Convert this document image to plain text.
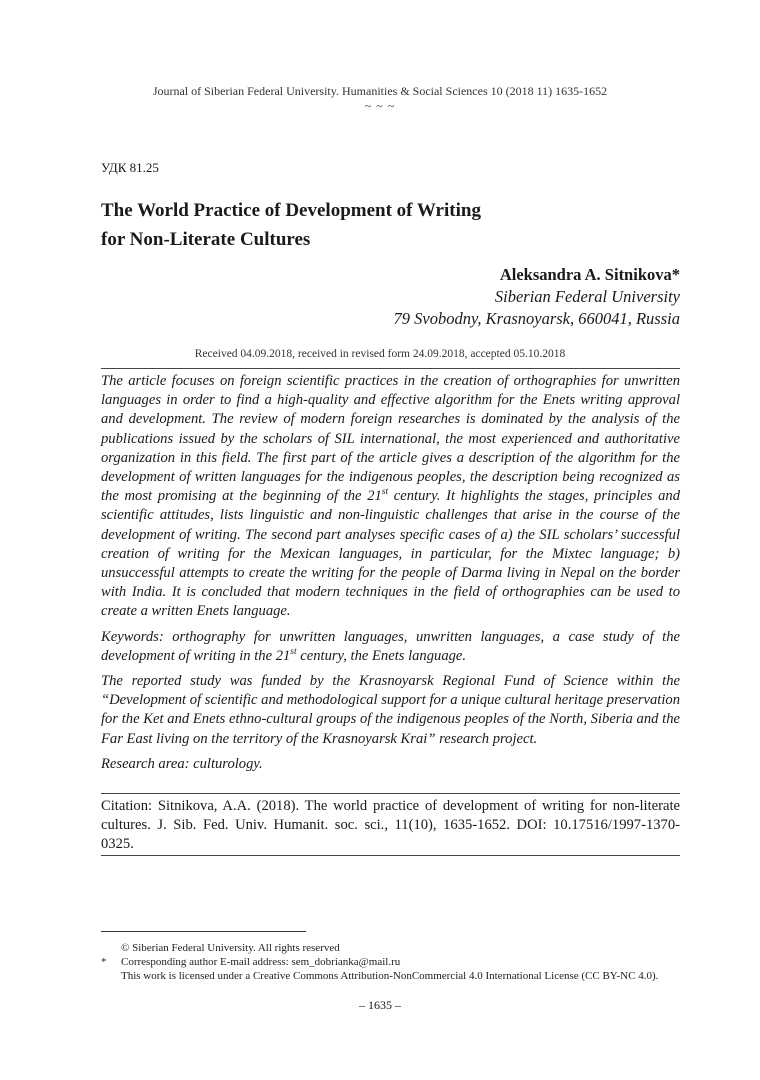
Journal of Siberian Federal University. Humanities & Social Sciences 10 (2018 11) 1635-1652
~ ~ ~
УДК 81.25
The World Practice of Development of Writing
for Non-Literate Cultures
Aleksandra A. Sitnikova*
Siberian Federal University
79 Svobodny, Krasnoyarsk, 660041, Russia
Received 04.09.2018, received in revised form 24.09.2018, accepted 05.10.2018

The article focuses on foreign scientific practices in the creation of orthographies for unwritten languages in order to find a high-quality and effective algorithm for the Enets writing approval and development. The review of modern foreign researches is dominated by the analysis of the publications issued by the scholars of SIL international, the most experienced and authoritative organization in this field. The first part of the article gives a description of the algorithm for the development of written languages for the indigenous peoples, the description being recognized as the most promising at the beginning of the 21st century. It highlights the stages, principles and scientific attitudes, lists linguistic and non-linguistic challenges that arise in the course of the development of writing. The second part analyses specific cases of a) the SIL scholars’ successful creation of writing for the Mexican languages, in particular, for the Mixtec language; b) unsuccessful attempts to create the writing for the people of Darma living in Nepal on the border with India. It is concluded that modern techniques in the field of orthographies can be used to create a written Enets language.

Keywords: orthography for unwritten languages, unwritten languages, a case study of the development of writing in the 21st century, the Enets language.

The reported study was funded by the Krasnoyarsk Regional Fund of Science within the “Development of scientific and methodological support for a unique cultural heritage preservation for the Ket and Enets ethno-cultural groups of the indigenous peoples of the North, Siberia and the Far East living on the territory of the Krasnoyarsk Krai” research project.

Research area: culturology.

Citation: Sitnikova, A.A. (2018). The world practice of development of writing for non-literate cultures. J. Sib. Fed. Univ. Humanit. soc. sci., 11(10), 1635-1652. DOI: 10.17516/1997-1370-0325.
© Siberian Federal University. All rights reserved
* Corresponding author E-mail address: sem_dobrianka@mail.ru
This work is licensed under a Creative Commons Attribution-NonCommercial 4.0 International License (CC BY-NC 4.0).
– 1635 –
